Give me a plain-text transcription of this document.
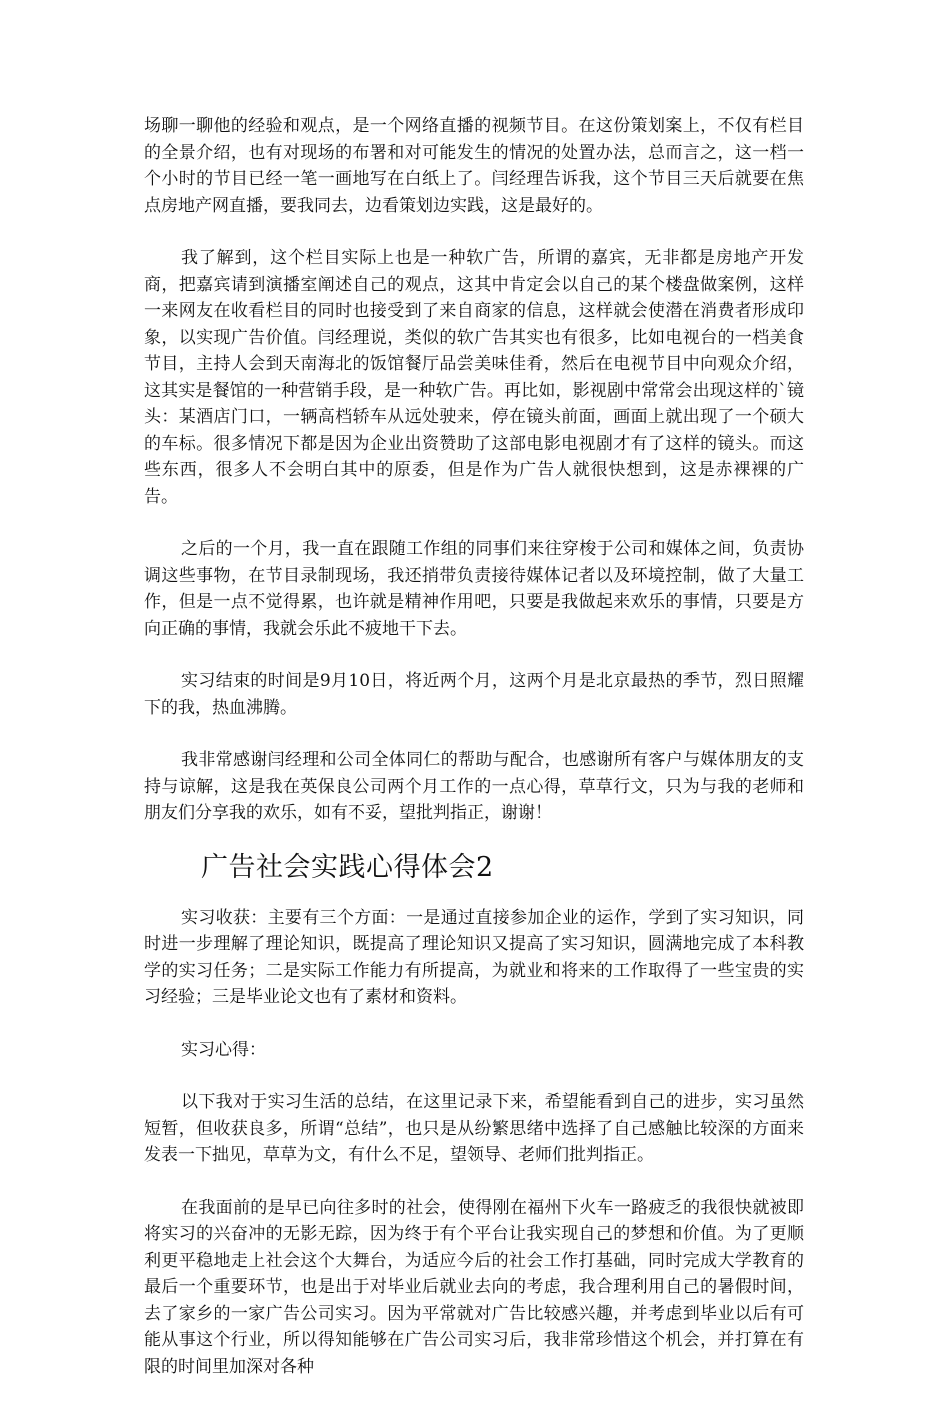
场聊一聊他的经验和观点，是一个网络直播的视频节目。在这份策划案上，不仅有栏目的全景介绍，也有对现场的布署和对可能发生的情况的处置办法，总而言之，这一档一个小时的节目已经一笔一画地写在白纸上了。闫经理告诉我，这个节目三天后就要在焦点房地产网直播，要我同去，边看策划边实践，这是最好的。

我了解到，这个栏目实际上也是一种软广告，所谓的嘉宾，无非都是房地产开发商，把嘉宾请到演播室阐述自己的观点，这其中肯定会以自己的某个楼盘做案例，这样一来网友在收看栏目的同时也接受到了来自商家的信息，这样就会使潜在消费者形成印象，以实现广告价值。闫经理说，类似的软广告其实也有很多，比如电视台的一档美食节目，主持人会到天南海北的饭馆餐厅品尝美味佳肴，然后在电视节目中向观众介绍，这其实是餐馆的一种营销手段，是一种软广告。再比如，影视剧中常常会出现这样的`镜头：某酒店门口，一辆高档轿车从远处驶来，停在镜头前面，画面上就出现了一个硕大的车标。很多情况下都是因为企业出资赞助了这部电影电视剧才有了这样的镜头。而这些东西，很多人不会明白其中的原委，但是作为广告人就很快想到，这是赤裸裸的广告。

之后的一个月，我一直在跟随工作组的同事们来往穿梭于公司和媒体之间，负责协调这些事物，在节目录制现场，我还捎带负责接待媒体记者以及环境控制，做了大量工作，但是一点不觉得累，也许就是精神作用吧，只要是我做起来欢乐的事情，只要是方向正确的事情，我就会乐此不疲地干下去。

实习结束的时间是9月10日，将近两个月，这两个月是北京最热的季节，烈日照耀下的我，热血沸腾。

我非常感谢闫经理和公司全体同仁的帮助与配合，也感谢所有客户与媒体朋友的支持与谅解，这是我在英保良公司两个月工作的一点心得，草草行文，只为与我的老师和朋友们分享我的欢乐，如有不妥，望批判指正，谢谢！

广告社会实践心得体会2

实习收获：主要有三个方面：一是通过直接参加企业的运作，学到了实习知识，同时进一步理解了理论知识，既提高了理论知识又提高了实习知识，圆满地完成了本科教学的实习任务；二是实际工作能力有所提高，为就业和将来的工作取得了一些宝贵的实习经验；三是毕业论文也有了素材和资料。

实习心得：

以下我对于实习生活的总结，在这里记录下来，希望能看到自己的进步，实习虽然短暂，但收获良多，所谓“总结”，也只是从纷繁思绪中选择了自己感触比较深的方面来发表一下拙见，草草为文，有什么不足，望领导、老师们批判指正。

在我面前的是早已向往多时的社会，使得刚在福州下火车一路疲乏的我很快就被即将实习的兴奋冲的无影无踪，因为终于有个平台让我实现自己的梦想和价值。为了更顺利更平稳地走上社会这个大舞台，为适应今后的社会工作打基础，同时完成大学教育的最后一个重要环节，也是出于对毕业后就业去向的考虑，我合理利用自己的暑假时间，去了家乡的一家广告公司实习。因为平常就对广告比较感兴趣，并考虑到毕业以后有可能从事这个行业，所以得知能够在广告公司实习后，我非常珍惜这个机会，并打算在有限的时间里加深对各种
